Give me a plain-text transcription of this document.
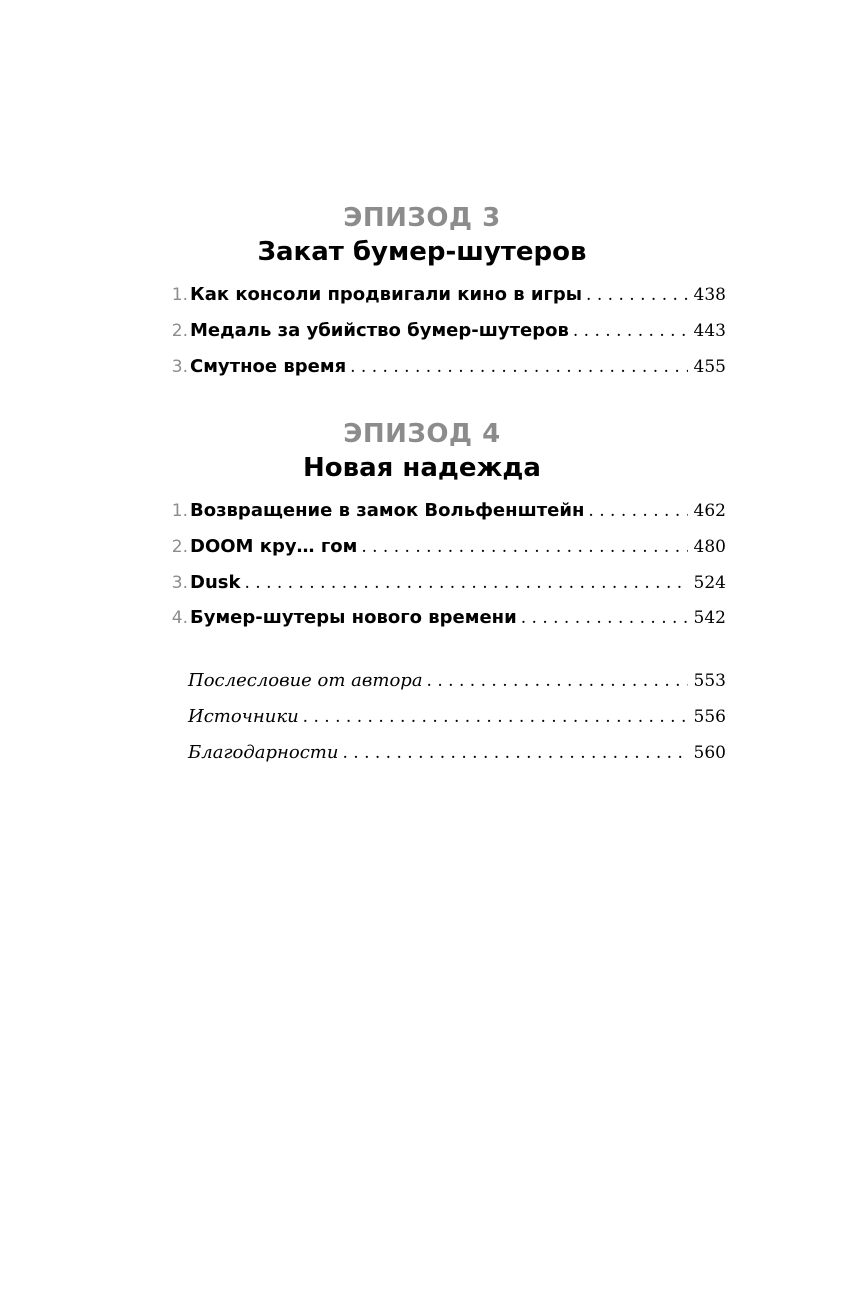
ЭПИЗОД 3
Закат бумер-шутеров
1. Как консоли продвигали кино в игры . . .	438
2. Медаль за убийство бумер-шутеров . . .	443
3. Смутное время . . .	455
ЭПИЗОД 4
Новая надежда
1. Возвращение в замок Вольфенштейн . . .	462
2. DOOM кру… гом . . .	480
3. Dusk . . .	524
4. Бумер-шутеры нового времени . . .	542
Послесловие от автора . . .	553
Источники . . .	556
Благодарности . . .	560
